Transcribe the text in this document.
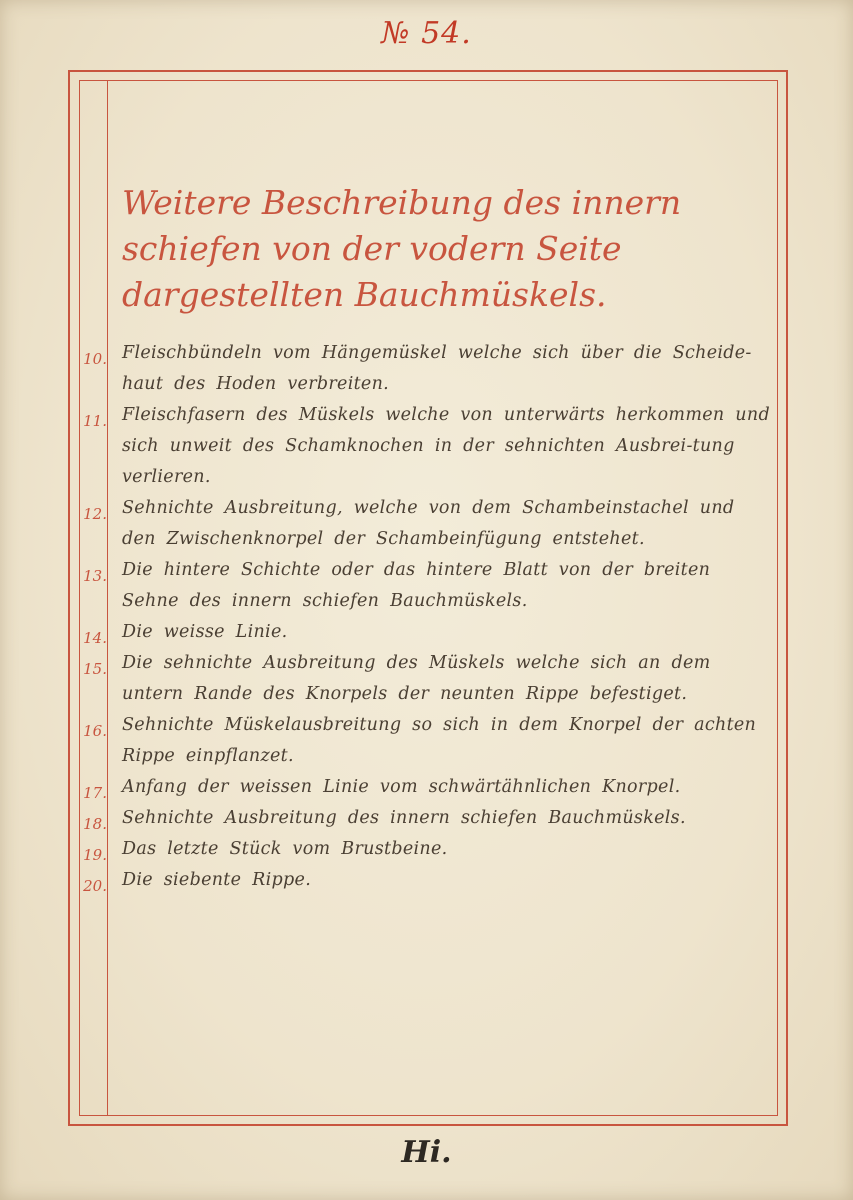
№ 54.
Weitere Beschreibung des innern schiefen von der vodern Seite dargestellten Bauchmüskels.
10. Fleischbündeln vom Hängemüskel welche sich über die Scheide-haut des Hoden verbreiten.
11. Fleischfasern des Müskels welche von unterwärts herkommen und sich unweit des Schamknochen in der sehnichten Ausbrei-tung verlieren.
12. Sehnichte Ausbreitung, welche von dem Schambeinstachel und den Zwischenknorpel der Schambeinfügung entstehet.
13. Die hintere Schichte oder das hintere Blatt von der breiten Sehne des innern schiefen Bauchmüskels.
14. Die weisse Linie.
15. Die sehnichte Ausbreitung des Müskels welche sich an dem untern Rande des Knorpels der neunten Rippe befestiget.
16. Sehnichte Müskelausbreitung so sich in dem Knorpel der achten Rippe einpflanzet.
17. Anfang der weissen Linie vom schwärtähnlichen Knorpel.
18. Sehnichte Ausbreitung des innern schiefen Bauchmüskels.
19. Das letzte Stück vom Brustbeine.
20. Die siebente Rippe.
Hi.
